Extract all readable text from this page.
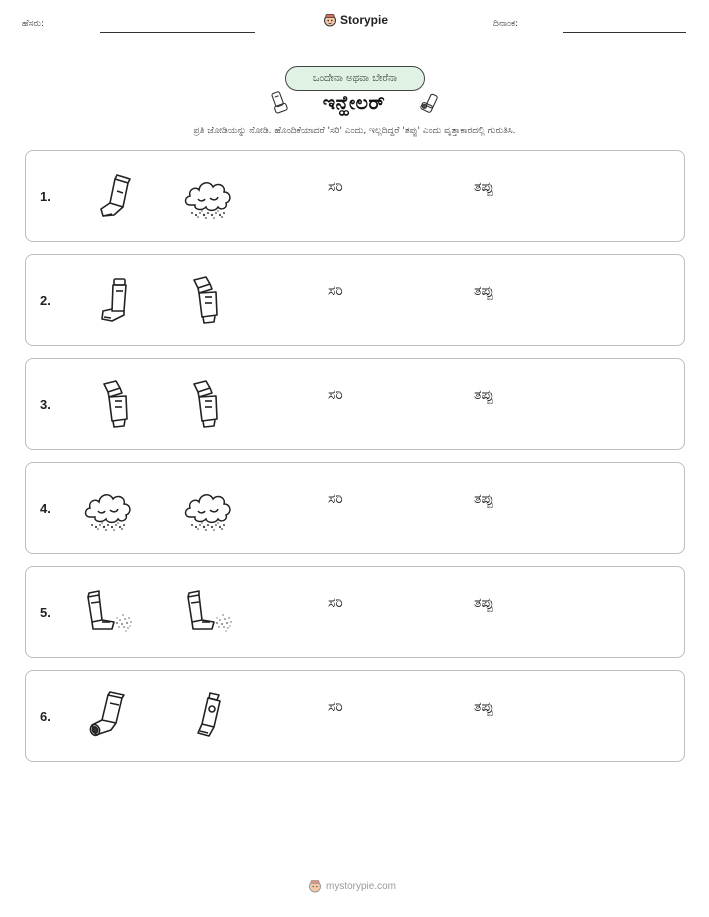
ಹೆಸರು:	Storypie	ದಿನಾಂಕ:
ಒಂದೇನಾ ಅಥವಾ ಬೇರೆನಾ
ಇನ್ಹೇಲರ್
ಪ್ರತಿ ಜೋಡಿಯನ್ನು ನೋಡಿ. ಹೊಂದಿಕೆಯಾದರೆ 'ಸರಿ' ಎಂದು, ಇಲ್ಲದಿದ್ದರೆ 'ತಪ್ಪು' ಎಂದು ವೃತ್ತಾಕಾರದಲ್ಲಿ ಗುರುತಿಸಿ.
1.
ಸರಿ	ತಪ್ಪು
2.
ಸರಿ	ತಪ್ಪು
3.
ಸರಿ	ತಪ್ಪು
4.
ಸರಿ	ತಪ್ಪು
5.
ಸರಿ	ತಪ್ಪು
6.
ಸರಿ	ತಪ್ಪು
mystorypie.com
